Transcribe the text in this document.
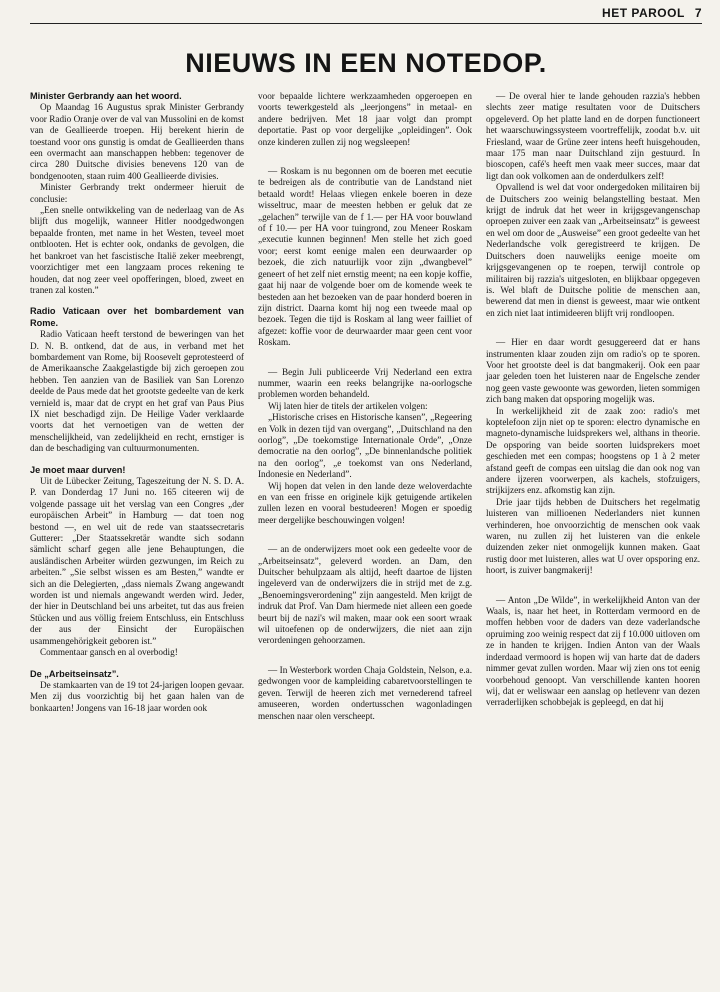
HET PAROOL 7
NIEUWS IN EEN NOTEDOP.

Minister Gerbrandy aan het woord.

Op Maandag 16 Augustus sprak Minister Gerbrandy voor Radio Oranje over de val van Mussolini en de komst van de Geallieerde troepen. Hij berekent hierin de toestand voor ons gunstig is omdat de Geallieerden thans een overmacht aan manschappen hebben: tegenover de circa 280 Duitsche divisies benevens 120 van de bondgenooten, staan ruim 400 Geallieerde divisies.

Minister Gerbrandy trekt ondermeer hieruit de conclusie:

„Een snelle ontwikkeling van de nederlaag van de As blijft dus mogelijk, wanneer Hitler noodgedwongen bepaalde fronten, met name in het Westen, teveel moet ontblooten. Het is echter ook, ondanks de gevolgen, die het bankroet van het fascistische Italië zeker meebrengt, voorzichtiger met een langzaam proces rekening te houden, dat nog zeer veel opofferingen, bloed, zweet en tranen zal kosten.”

Radio Vaticaan over het bombardement van Rome.

Radio Vaticaan heeft terstond de beweringen van het D. N. B. ontkend, dat de aus, in verband met het bombardement van Rome, bij Roosevelt geprotesteerd of de Amerikaansche Zaakgelastigde bij zich geroepen zou hebben. Ten aanzien van de Basiliek van San Lorenzo deelde de Paus mede dat het grootste gedeelte van de kerk vernield is, maar dat de crypt en het graf van Paus Pius IX niet beschadigd zijn. De Heilige Vader verklaarde voorts dat het vernoetigen van de wetten der menschelijkheid, van zedelijkheid en recht, ernstiger is dan de beschadiging van cultuurmonumenten.

Je moet maar durven!

Uit de Lübecker Zeitung, Tageszeitung der N. S. D. A. P. van Donderdag 17 Juni no. 165 citeeren wij de volgende passage uit het verslag van een Congres „der europäischen Arbeit” in Hamburg — dat toen nog bestond —, en wel uit de rede van staatssecretaris Gutterer: „Der Staatssekretär wandte sich sodann sämlicht scharf gegen alle jene Behauptungen, die ausländischen Arbeiter würden gezwungen, im Reich zu arbeiten.” „Sie selbst wissen es am Besten,” wandte er sich an die Delegierten, „dass niemals Zwang angewandt worden ist und niemals angewandt werden wird. Jeder, der hier in Deutschland bei uns arbeitet, tut das aus freien Stücken und aus völlig freiem Entschluss, ein Entschluss der aus der Einsicht der Europäischen usammengehörigkeit geboren ist.”

Commentaar gansch en al overbodig!

De „Arbeitseinsatz”.

De stamkaarten van de 19 tot 24-jarigen loopen gevaar. Men zij dus voorzichtig bij het gaan halen van de bonkaarten! Jongens van 16-18 jaar worden ook

voor bepaalde lichtere werkzaamheden opgeroepen en voorts tewerkgesteld als „leerjongens” in metaal- en andere bedrijven. Met 18 jaar volgt dan prompt deportatie. Past op voor dergelijke „opleidingen”. Ook onze kinderen zullen zij nog wegsleepen!

— Roskam is nu begonnen om de boeren met eecutie te bedreigen als de contributie van de Landstand niet betaald wordt! Helaas vliegen enkele boeren in deze wisseltruc, maar de meesten hebben er geluk dat ze „gelachen” terwijle van de f 1.— per HA voor bouwland of f 10.— per HA voor tuingrond, zou Meneer Roskam „executie kunnen beginnen! Men stelle het zich goed voor; eerst komt eenige malen een deurwaarder op bezoek, die zich natuurlijk voor zijn „dwangbevel” geneert of het zelf niet ernstig meent; na een kopje koffie, gaat hij naar de volgende boer om de komende week te besteden aan het bezoeken van de paar honderd boeren in zijn district. Daarna komt hij nog een tweede maal op bezoek. Tegen die tijd is Roskam al lang weer failliet of afgezet: koffie voor de deurwaarder maar geen cent voor Roskam.

— Begin Juli publiceerde Vrij Nederland een extra nummer, waarin een reeks belangrijke na-oorlogsche problemen worden behandeld.

Wij laten hier de titels der artikelen volgen:

„Historische crises en Historische kansen”, „Regeering en Volk in dezen tijd van overgang”, „Duitschland na den oorlog”, „De toekomstige Internationale Orde”, „Onze democratie na den oorlog”, „De binnenlandsche politiek na den oorlog”, „e toekomst van ons Nederland, Indonesie en Nederland”.

Wij hopen dat velen in den lande deze weloverdachte en van een frisse en originele kijk getuigende artikelen zullen lezen en vooral bestudeeren! Mogen er spoedig meer dergelijke beschouwingen volgen!

— an de onderwijzers moet ook een gedeelte voor de „Arbeitseinsatz”, geleverd worden. an Dam, den Duitscher behulpzaam als altijd, heeft daartoe de lijsten ingeleverd van de onderwijzers die in strijd met de z.g. „Benoemingsverordening” zijn aangesteld. Men krijgt de indruk dat Prof. Van Dam hiermede niet alleen een goede beurt bij de nazi's wil maken, maar ook een soort wraak wil uitoefenen op de onderwijzers, die niet aan zijn verordeningen gehoorzamen.

— In Westerbork worden Chaja Goldstein, Nelson, e.a. gedwongen voor de kampleiding cabaretvoorstellingen te geven. Terwijl de heeren zich met vernederend tafreel amuseeren, worden ondertusschen wagonladingen menschen naar olen verscheept.

— De overal hier te lande gehouden razzia's hebben slechts zeer matige resultaten voor de Duitschers opgeleverd. Op het platte land en de dorpen functioneert het waarschuwingssysteem voortreffelijk, zoodat b.v. uit Friesland, waar de Grüne zeer intens heeft huisgehouden, maar 175 man naar Duitschland zijn gestuurd. In bioscopen, café's heeft men vaak meer succes, maar dat ligt dan ook volkomen aan de onderdulkers zelf!

Opvallend is wel dat voor ondergedoken militairen bij de Duitschers zoo weinig belangstelling bestaat. Men krijgt de indruk dat het weer in krijgsgevangenschap oproepen zuiver een zaak van „Arbeitseinsatz” is geweest en wel om door de „Ausweise” een groot gedeelte van het Nederlandsche volk geregistreerd te krijgen. De Duitschers doen nauwelijks eenige moeite om krijgsgevangenen op te roepen, terwijl controle op militairen bij razzia's uitgesloten, en blijkbaar opgegeven is. Wel blaft de Duitsche politie de menschen aan, bewerend dat men in dienst is geweest, maar wie ontkent en zich niet laat intimideeren blijft vrij rondloopen.

— Hier en daar wordt gesuggereerd dat er hans instrumenten klaar zouden zijn om radio's op te sporen. Voor het grootste deel is dat bangmakerij. Ook een paar jaar geleden toen het luisteren naar de Engelsche zender nog geen vaste gewoonte was geworden, lieten sommigen zich bang maken dat opsporing mogelijk was.

In werkelijkheid zit de zaak zoo: radio's met koptelefoon zijn niet op te sporen: electro dynamische en magneto-dynamische luidsprekers wel, althans in theorie. De opsporing van beide soorten luidsprekers moet geschieden met een compas; hoogstens op 1 à 2 meter afstand geeft de compas een uitslag die dan ook nog van andere ijzeren voorwerpen, als kachels, stofzuigers, strijkijzers enz. afkomstig kan zijn.

Drie jaar tijds hebben de Duitschers het regelmatig luisteren van millioenen Nederlanders niet kunnen verhinderen, hoe onvoorzichtig de menschen ook vaak waren, nu zullen zij het luisteren van die enkele duizenden zeker niet onmogelijk kunnen maken. Gaat rustig door met luisteren, alles wat U over opsporing enz. hoort, is zuiver bangmakerij!

— Anton „De Wilde”, in werkelijkheid Anton van der Waals, is, naar het heet, in Rotterdam vermoord en de moffen hebben voor de daders van deze vaderlandsche opruiming zoo weinig respect dat zij f 10.000 uitloven om ze in handen te krijgen. Indien Anton van der Waals inderdaad vermoord is hopen wij van harte dat de daders nimmer gevat zullen worden. Maar wij zien ons tot eenig voorbehoud genoopt. Van verschillende kanten hooren wij, dat er weliswaar een aanslag op hetlevenr van dezen verraderlijken schobbejak is gepleegd, en dat hij
